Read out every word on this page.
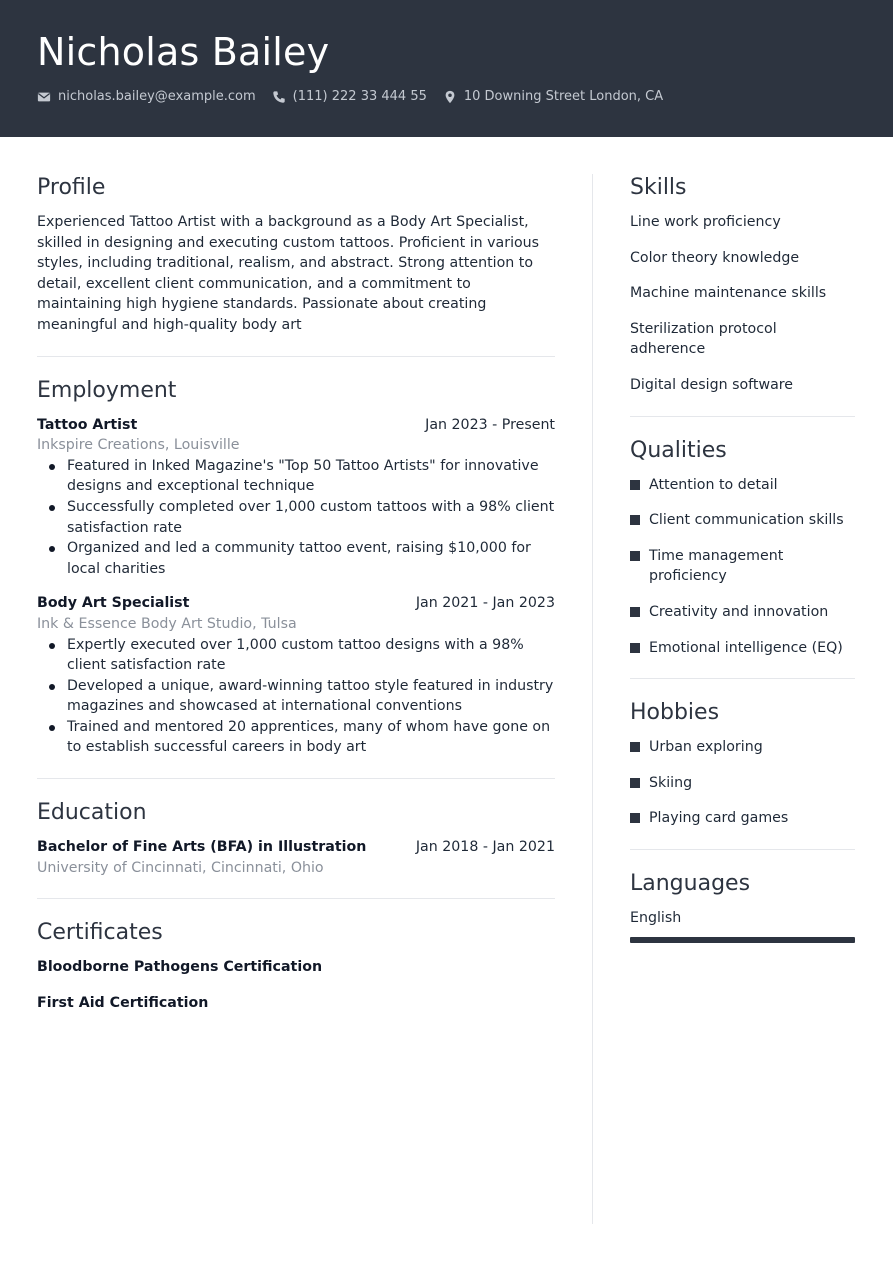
Nicholas Bailey
nicholas.bailey@example.com	(111) 222 33 444 55	10 Downing Street London, CA
Profile
Experienced Tattoo Artist with a background as a Body Art Specialist, skilled in designing and executing custom tattoos. Proficient in various styles, including traditional, realism, and abstract. Strong attention to detail, excellent client communication, and a commitment to maintaining high hygiene standards. Passionate about creating meaningful and high-quality body art
Employment
Tattoo Artist	Jan 2023 - Present
Inkspire Creations, Louisville
Featured in Inked Magazine's "Top 50 Tattoo Artists" for innovative designs and exceptional technique
Successfully completed over 1,000 custom tattoos with a 98% client satisfaction rate
Organized and led a community tattoo event, raising $10,000 for local charities
Body Art Specialist	Jan 2021 - Jan 2023
Ink & Essence Body Art Studio, Tulsa
Expertly executed over 1,000 custom tattoo designs with a 98% client satisfaction rate
Developed a unique, award-winning tattoo style featured in industry magazines and showcased at international conventions
Trained and mentored 20 apprentices, many of whom have gone on to establish successful careers in body art
Education
Bachelor of Fine Arts (BFA) in Illustration	Jan 2018 - Jan 2021
University of Cincinnati, Cincinnati, Ohio
Certificates
Bloodborne Pathogens Certification
First Aid Certification
Skills
Line work proficiency
Color theory knowledge
Machine maintenance skills
Sterilization protocol adherence
Digital design software
Qualities
Attention to detail
Client communication skills
Time management proficiency
Creativity and innovation
Emotional intelligence (EQ)
Hobbies
Urban exploring
Skiing
Playing card games
Languages
English
